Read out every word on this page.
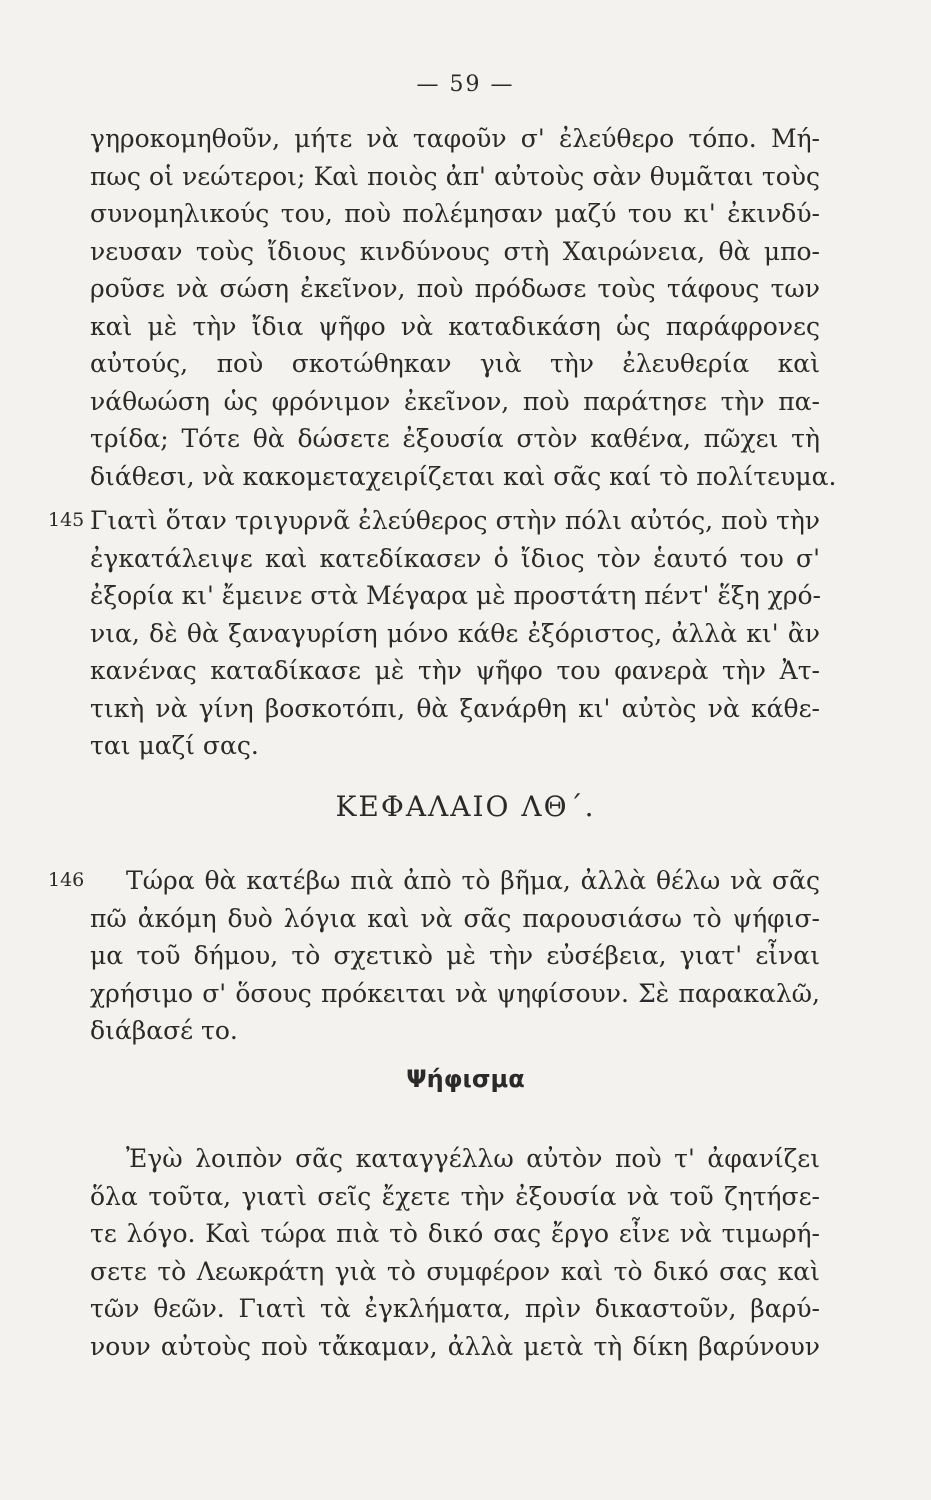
— 59 —
γηροκομηθοῦν, μήτε νὰ ταφοῦν σ' ἐλεύθερο τόπο. Μή-
πως οἱ νεώτεροι; Καὶ ποιὸς ἀπ' αὐτοὺς σὰν θυμᾶται τοὺς
συνομηλικούς του, ποὺ πολέμησαν μαζύ του κι' ἐκινδύ-
νευσαν τοὺς ἴδιους κινδύνους στὴ Χαιρώνεια, θὰ μπο-
ροῦσε νὰ σώση ἐκεῖνον, ποὺ πρόδωσε τοὺς τάφους των
καὶ μὲ τὴν ἴδια ψῆφο νὰ καταδικάση ὡς παράφρονες
αὐτούς, ποὺ σκοτώθηκαν γιὰ τὴν ἐλευθερία καὶ
νάθωώση ὡς φρόνιμον ἐκεῖνον, ποὺ παράτησε τὴν πα-
τρίδα; Τότε θὰ δώσετε ἐξουσία στὸν καθένα, πῶχει τὴ
διάθεσι, νὰ κακομεταχειρίζεται καὶ σᾶς καί τὸ πολίτευμα.
145 Γιατὶ ὅταν τριγυρνᾶ ἐλεύθερος στὴν πόλι αὐτός, ποὺ τὴν
ἐγκατάλειψε καὶ κατεδίκασεν ὁ ἴδιος τὸν ἑαυτό του σ'
ἐξορία κι' ἔμεινε στὰ Μέγαρα μὲ προστάτη πέντ' ἕξη χρό-
νια, δὲ θὰ ξαναγυρίση μόνο κάθε ἐξόριστος, ἀλλὰ κι' ἂν
κανένας καταδίκασε μὲ τὴν ψῆφο του φανερὰ τὴν Ἀτ-
τικὴ νὰ γίνη βοσκοτόπι, θὰ ξανάρθη κι' αὐτὸς νὰ κάθε-
ται μαζί σας.
ΚΕΦΑΛΑΙΟ ΛΘ΄.
146	Τώρα θὰ κατέβω πιὰ ἀπὸ τὸ βῆμα, ἀλλὰ θέλω νὰ σᾶς
πῶ ἀκόμη δυὸ λόγια καὶ νὰ σᾶς παρουσιάσω τὸ ψήφισ-
μα τοῦ δήμου, τὸ σχετικὸ μὲ τὴν εὐσέβεια, γιατ' εἶναι
χρήσιμο σ' ὅσους πρόκειται νὰ ψηφίσουν. Σὲ παρακαλῶ,
διάβασέ το.
Ψήφισμα
Ἐγὼ λοιπὸν σᾶς καταγγέλλω αὐτὸν ποὺ τ' ἀφανίζει
ὅλα τοῦτα, γιατὶ σεῖς ἔχετε τὴν ἐξουσία νὰ τοῦ ζητήσε-
τε λόγο. Καὶ τώρα πιὰ τὸ δικό σας ἔργο εἶνε νὰ τιμωρή-
σετε τὸ Λεωκράτη γιὰ τὸ συμφέρον καὶ τὸ δικό σας καὶ
τῶν θεῶν. Γιατὶ τὰ ἐγκλήματα, πρὶν δικαστοῦν, βαρύ-
νουν αὐτοὺς ποὺ τἄκαμαν, ἀλλὰ μετὰ τὴ δίκη βαρύνουν
